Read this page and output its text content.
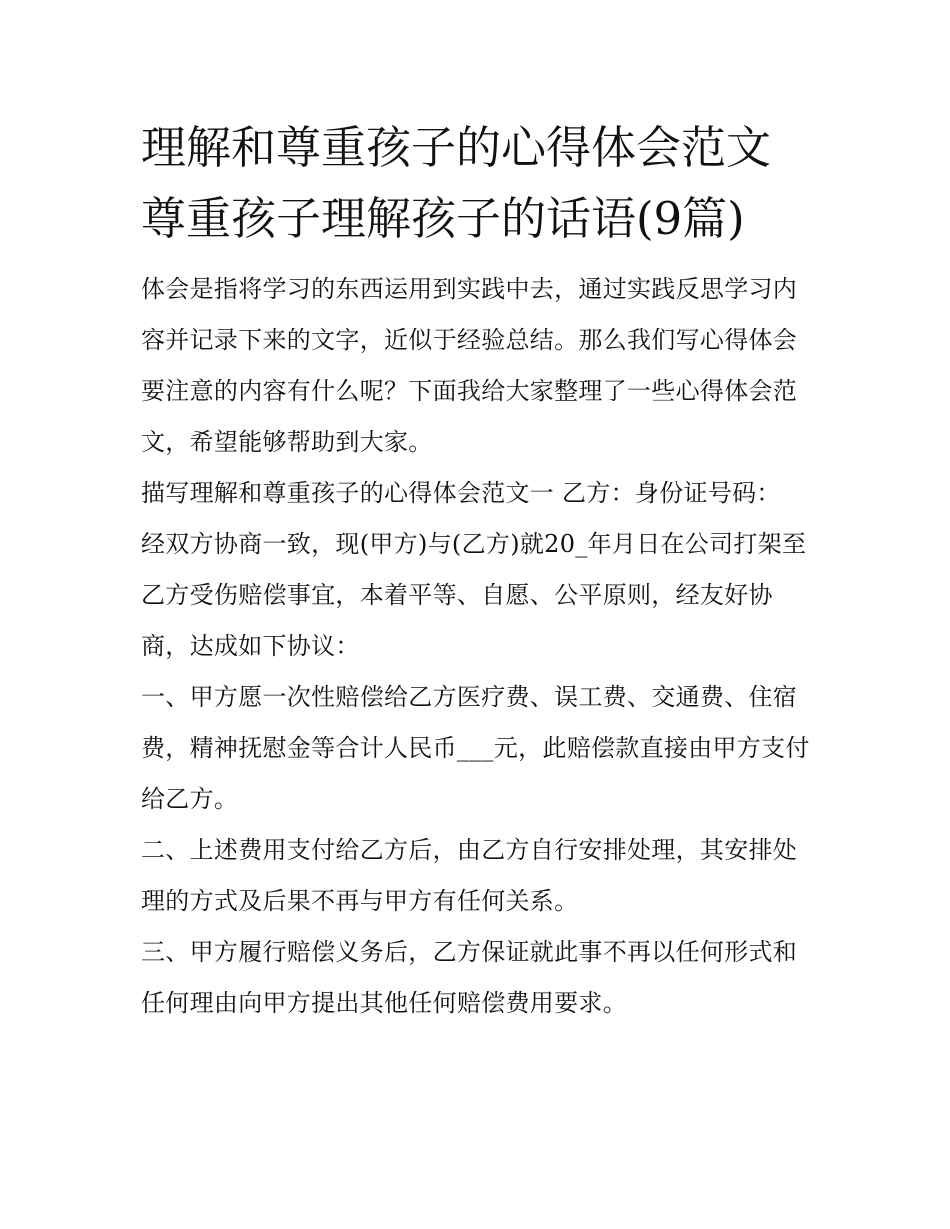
理解和尊重孩子的心得体会范文 尊重孩子理解孩子的话语(9篇)

体会是指将学习的东西运用到实践中去，通过实践反思学习内容并记录下来的文字，近似于经验总结。那么我们写心得体会要注意的内容有什么呢？下面我给大家整理了一些心得体会范文，希望能够帮助到大家。

描写理解和尊重孩子的心得体会范文一 乙方：身份证号码：

经双方协商一致，现(甲方)与(乙方)就20_年月日在公司打架至乙方受伤赔偿事宜，本着平等、自愿、公平原则，经友好协商，达成如下协议：

一、甲方愿一次性赔偿给乙方医疗费、误工费、交通费、住宿费，精神抚慰金等合计人民币___元，此赔偿款直接由甲方支付给乙方。

二、上述费用支付给乙方后，由乙方自行安排处理，其安排处理的方式及后果不再与甲方有任何关系。

三、甲方履行赔偿义务后，乙方保证就此事不再以任何形式和任何理由向甲方提出其他任何赔偿费用要求。
